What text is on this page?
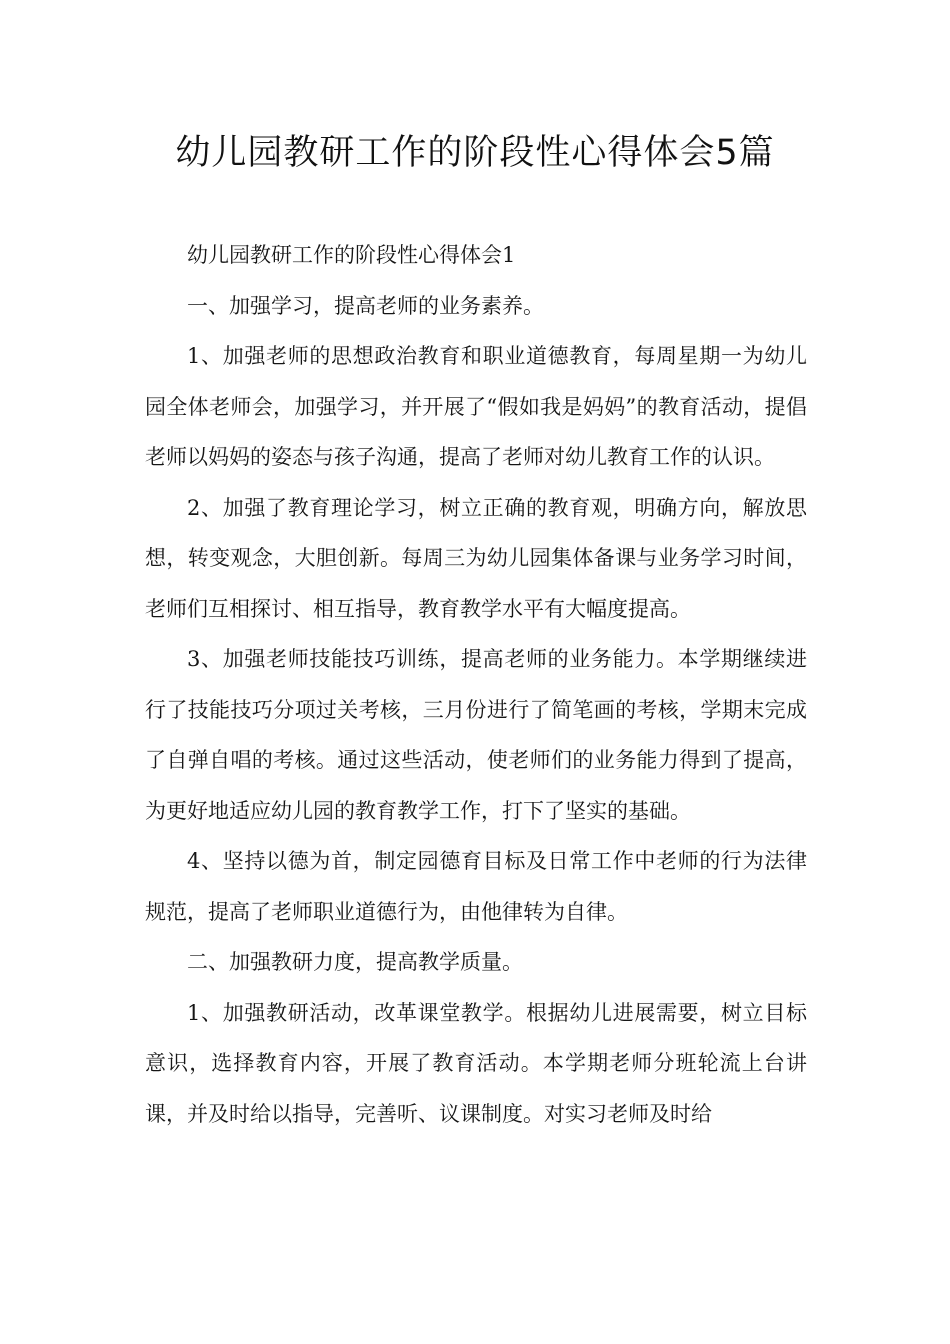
幼儿园教研工作的阶段性心得体会5篇

幼儿园教研工作的阶段性心得体会1

一、加强学习，提高老师的业务素养。

1、加强老师的思想政治教育和职业道德教育，每周星期一为幼儿园全体老师会，加强学习，并开展了“假如我是妈妈”的教育活动，提倡老师以妈妈的姿态与孩子沟通，提高了老师对幼儿教育工作的认识。

2、加强了教育理论学习，树立正确的教育观，明确方向，解放思想，转变观念，大胆创新。每周三为幼儿园集体备课与业务学习时间，老师们互相探讨、相互指导，教育教学水平有大幅度提高。

3、加强老师技能技巧训练，提高老师的业务能力。本学期继续进行了技能技巧分项过关考核，三月份进行了简笔画的考核，学期末完成了自弹自唱的考核。通过这些活动，使老师们的业务能力得到了提高，为更好地适应幼儿园的教育教学工作，打下了坚实的基础。

4、坚持以德为首，制定园德育目标及日常工作中老师的行为法律规范，提高了老师职业道德行为，由他律转为自律。

二、加强教研力度，提高教学质量。

1、加强教研活动，改革课堂教学。根据幼儿进展需要，树立目标意识，选择教育内容，开展了教育活动。本学期老师分班轮流上台讲课，并及时给以指导，完善听、议课制度。对实习老师及时给
